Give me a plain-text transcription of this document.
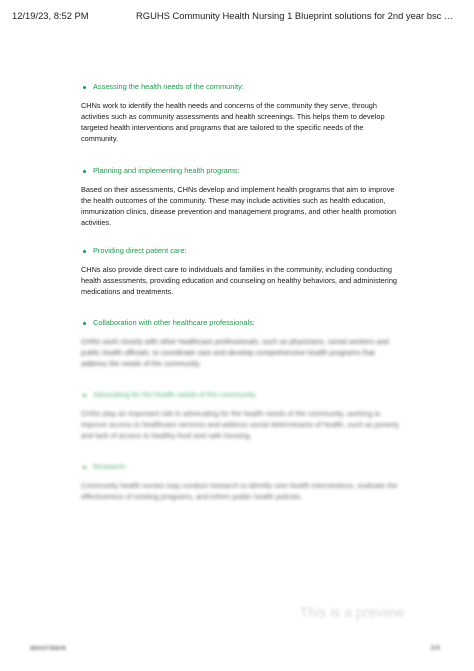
12/19/23, 8:52 PM	RGUHS Community Health Nursing 1 Blueprint solutions for 2nd year bsc …
Assessing the health needs of the community:
CHNs work to identify the health needs and concerns of the community they serve, through activities such as community assessments and health screenings. This helps them to develop targeted health interventions and programs that are tailored to the specific needs of the community.
Planning and implementing health programs:
Based on their assessments, CHNs develop and implement health programs that aim to improve the health outcomes of the community. These may include activities such as health education, immunization clinics, disease prevention and management programs, and other health promotion activities.
Providing direct patient care:
CHNs also provide direct care to individuals and families in the community, including conducting health assessments, providing education and counseling on healthy behaviors, and administering medications and treatments.
Collaboration with other healthcare professionals:
CHNs work closely with other healthcare professionals, such as physicians, social workers and public health officials, to coordinate care and develop comprehensive health programs that address the needs of the community.
Advocating for the health needs of the community:
CHNs play an important role in advocating for the health needs of the community, working to improve access to healthcare services and address social determinants of health, such as poverty and lack of access to healthy food and safe housing.
Research:
Community health nurses may conduct research to identify new health interventions, evaluate the effectiveness of existing programs, and inform public health policies.
This is a preview
about:blank	2/4
